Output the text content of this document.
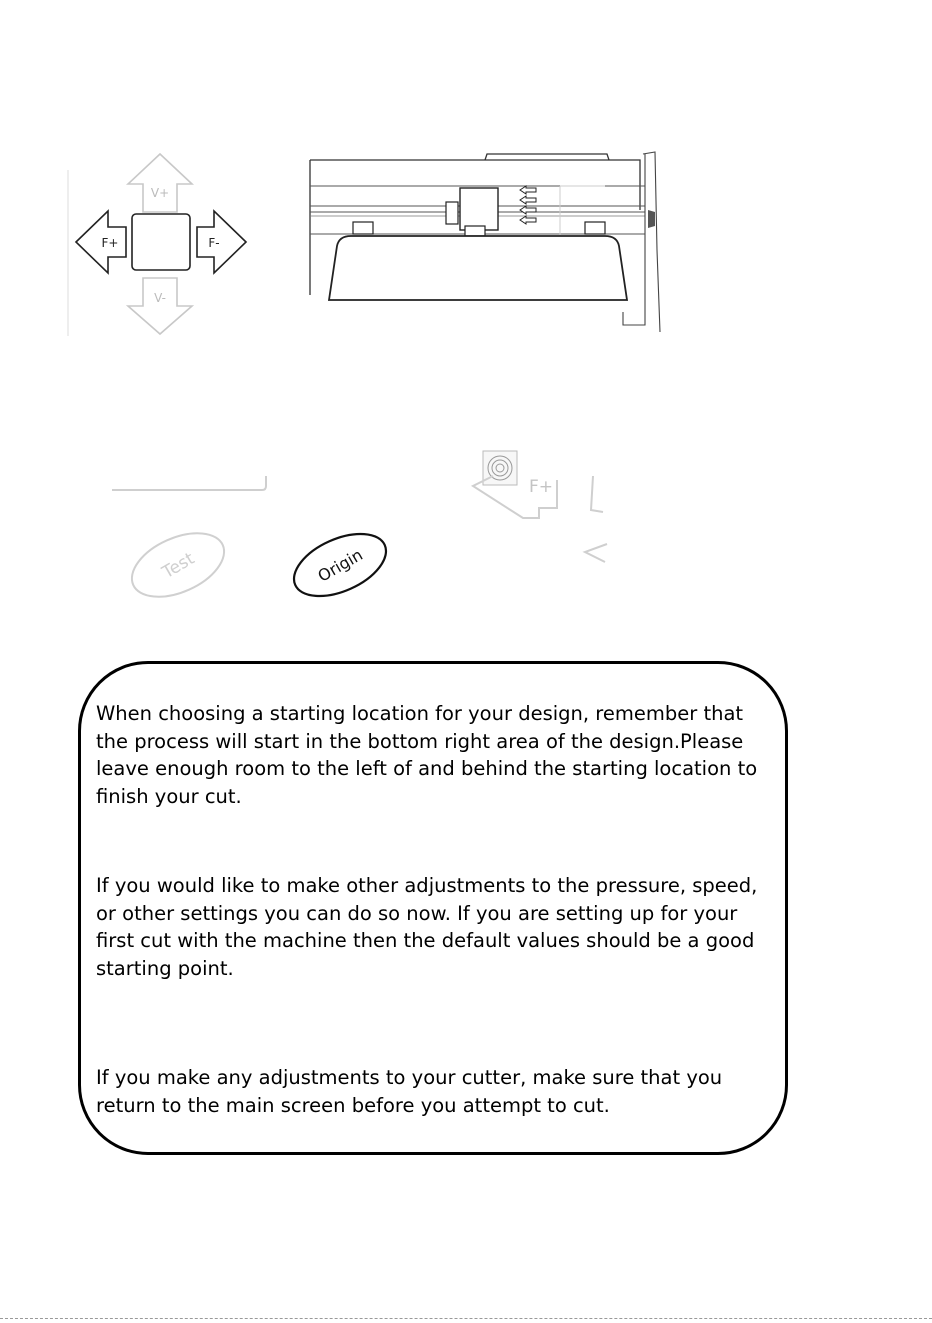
V+
V-
F+	F-
F+
Test	Origin

When choosing a starting location for your design, remember that the process will start in the bottom right area of the design.Please leave enough room to the left of and behind the starting location to finish your cut.

If you would like to make other adjustments to the pressure, speed, or other settings you can do so now. If you are setting up for your first cut with the machine then the default values should be a good starting point.

If you make any adjustments to your cutter, make sure that you return to the main screen before you attempt to cut.
